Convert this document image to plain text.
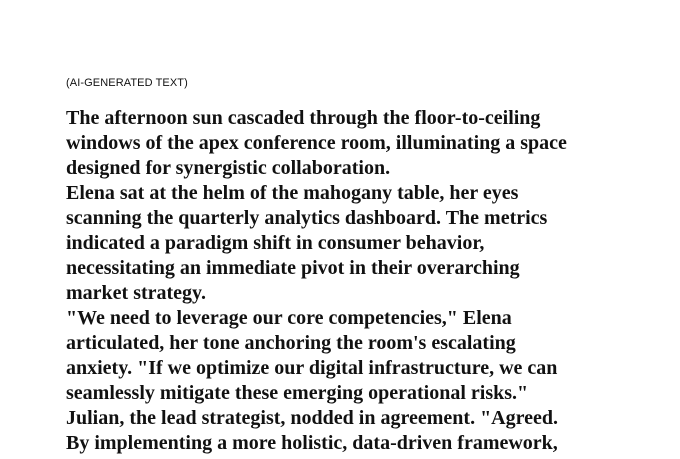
(AI-GENERATED TEXT)

The afternoon sun cascaded through the floor-to-ceiling
windows of the apex conference room, illuminating a space
designed for synergistic collaboration.
Elena sat at the helm of the mahogany table, her eyes
scanning the quarterly analytics dashboard. The metrics
indicated a paradigm shift in consumer behavior,
necessitating an immediate pivot in their overarching
market strategy.
"We need to leverage our core competencies," Elena
articulated, her tone anchoring the room's escalating
anxiety. "If we optimize our digital infrastructure, we can
seamlessly mitigate these emerging operational risks."
Julian, the lead strategist, nodded in agreement. "Agreed.
By implementing a more holistic, data-driven framework,
